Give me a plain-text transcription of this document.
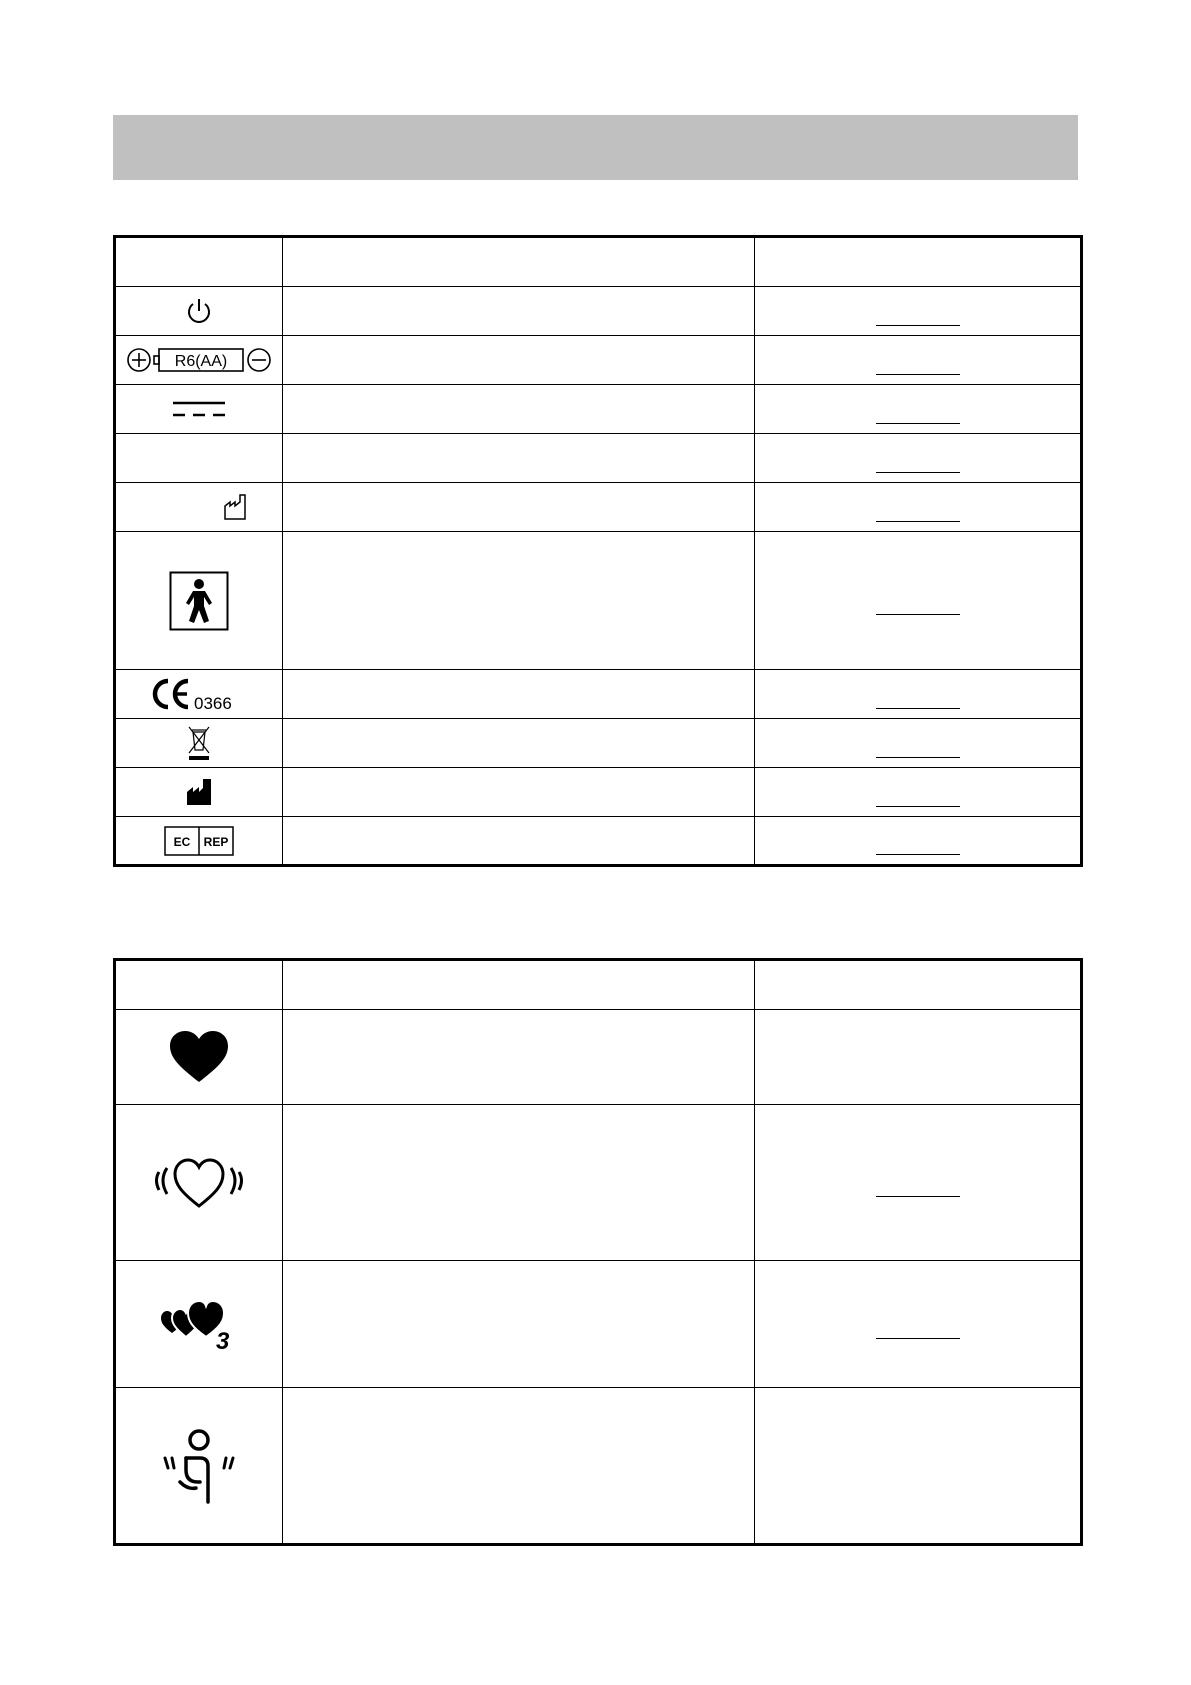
R6(AA)		

0366		

EC REP		

3		
